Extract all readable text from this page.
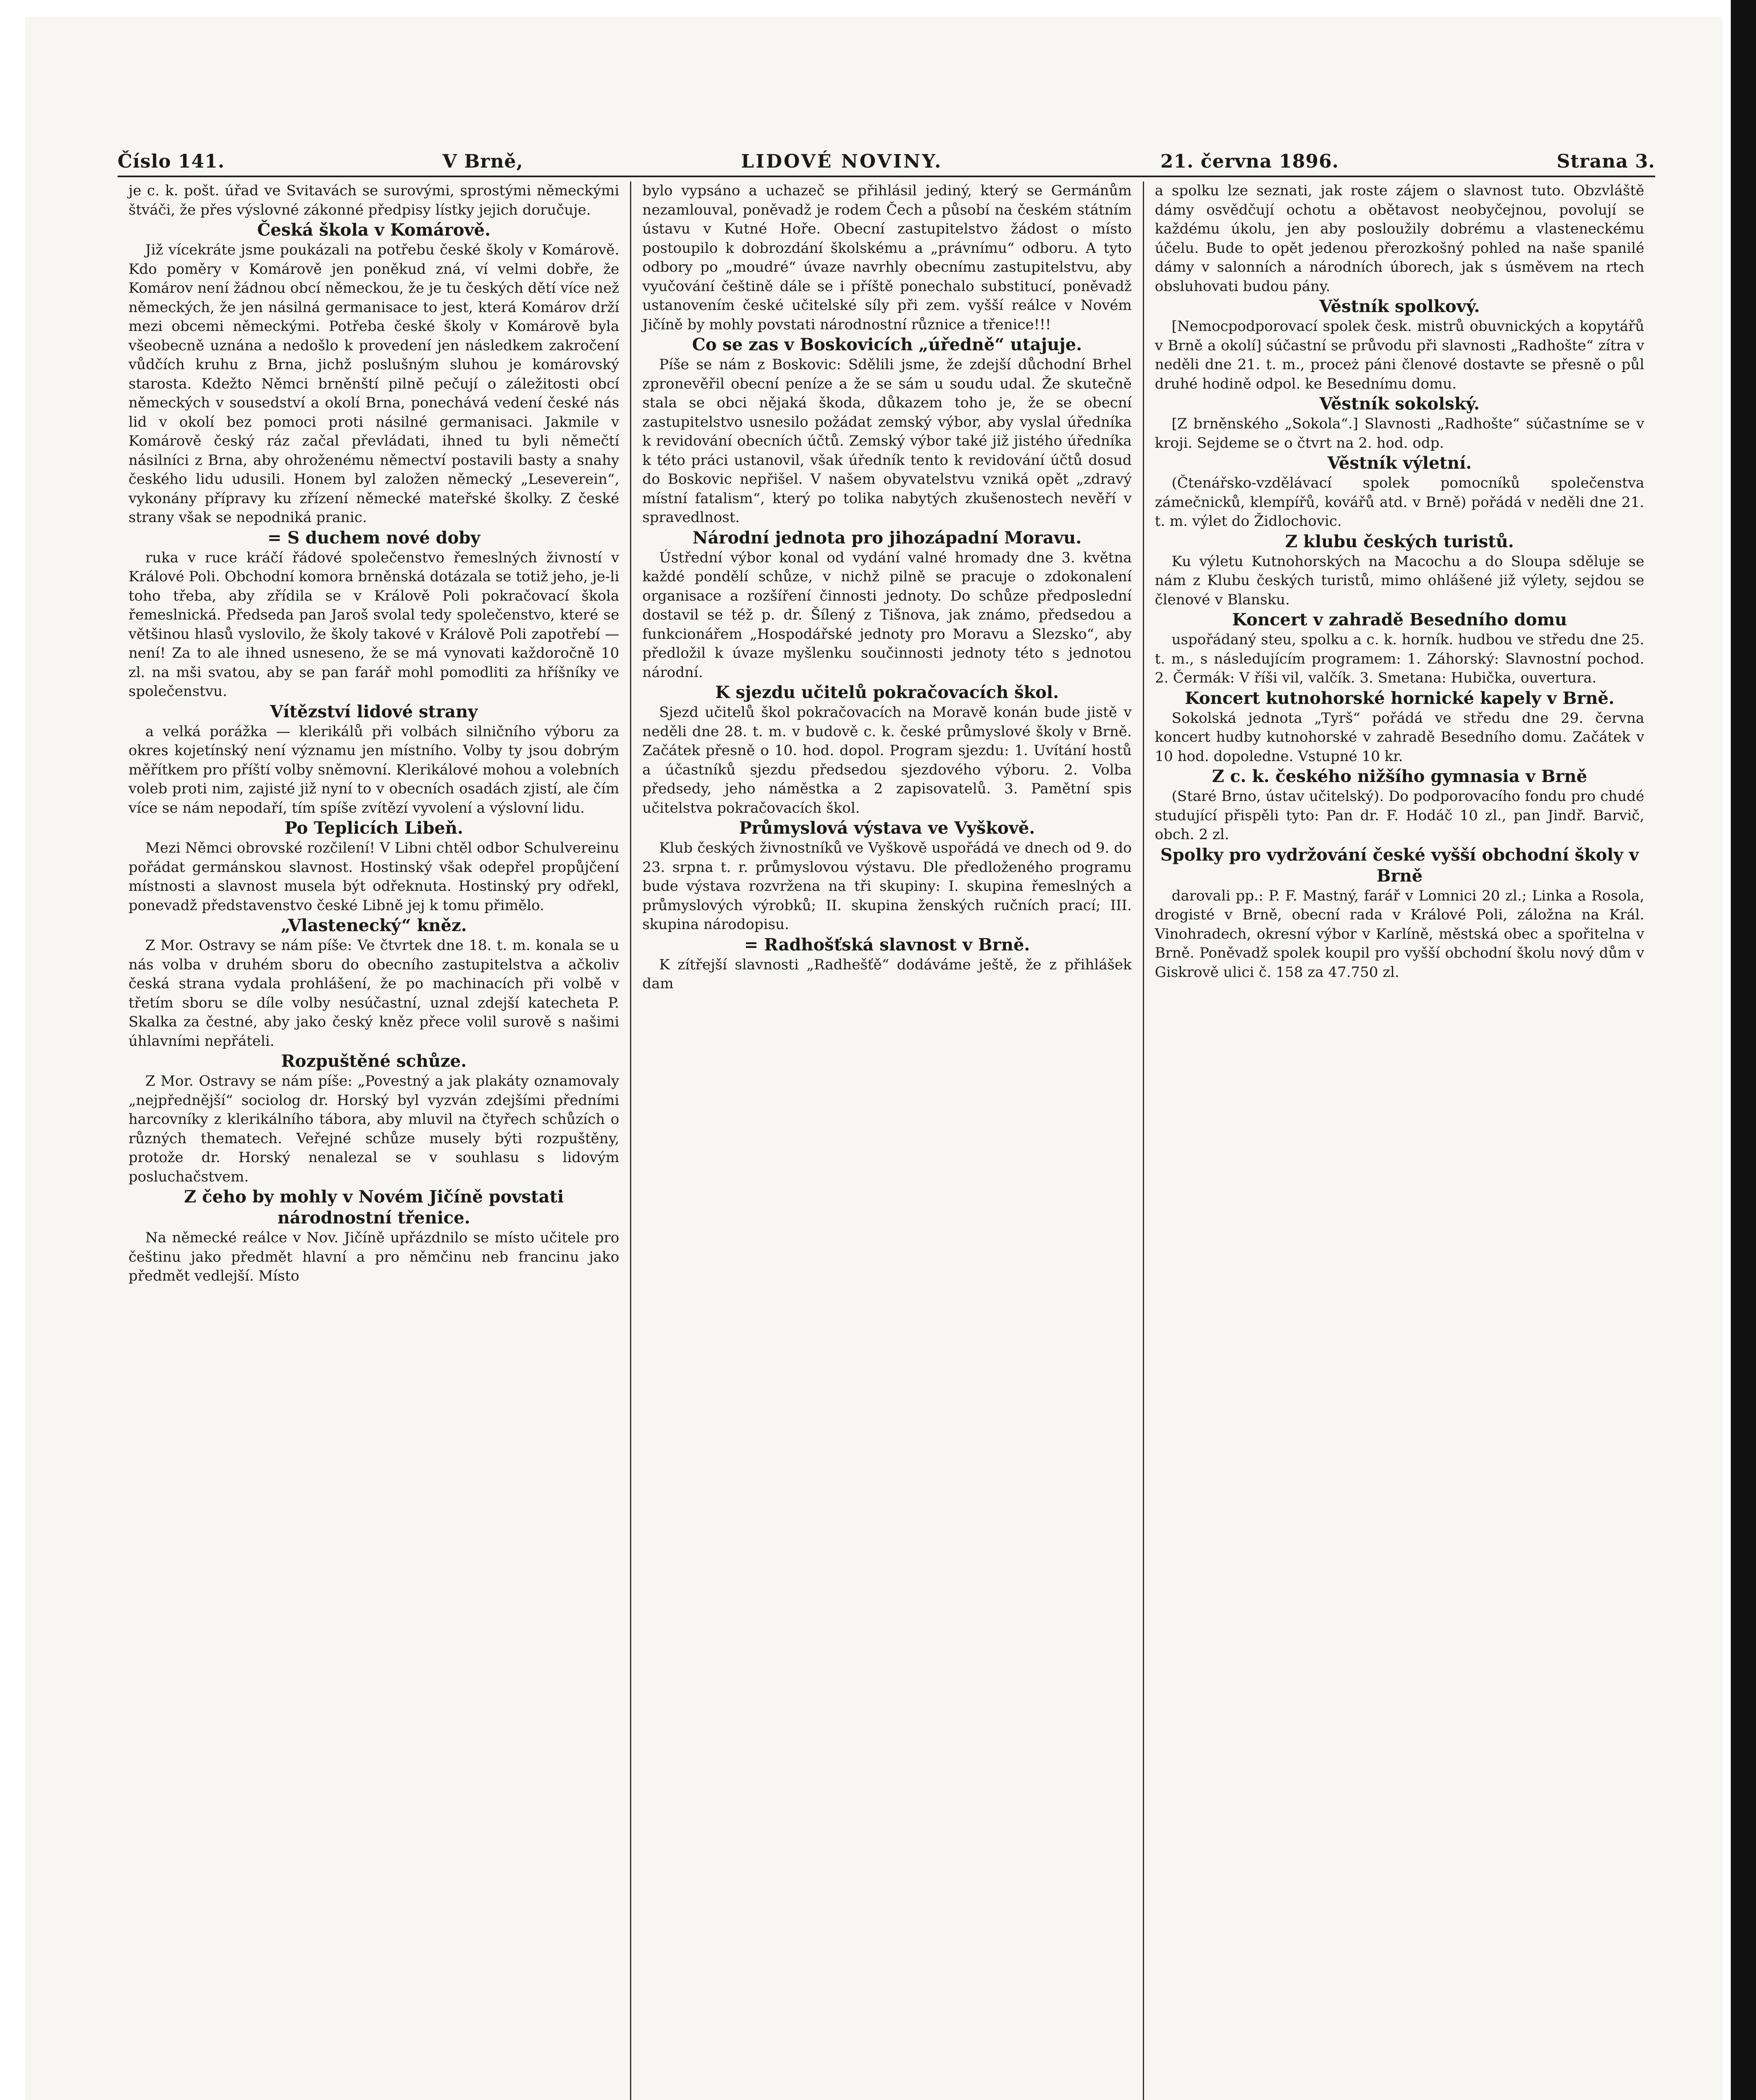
Číslo 141.	V Brně,	LIDOVÉ NOVINY.	21. června 1896.	Strana 3.

je c. k. pošt. úřad ve Svitavách se surovými, sprostými německými štváči, že přes výslovné zákonné předpisy lístky jejich doručuje.

Česká škola v Komárově.

Již vícekráte jsme poukázali na potřebu české školy v Komárově. Kdo poměry v Komárově jen poněkud zná, ví velmi dobře, že Komárov není žádnou obcí německou, že je tu českých dětí více než německých, že jen násilná germanisace to jest, která Komárov drží mezi obcemi německými. Potřeba české školy v Komárově byla všeobecně uznána a nedošlo k provedení jen následkem zakročení vůdčích kruhu z Brna, jichž poslušným sluhou je komárovský starosta. Kdežto Němci brněnští pilně pečují o záležitosti obcí německých v sousedství a okolí Brna, ponechává vedení české nás lid v okolí bez pomoci proti násilné germanisaci. Jakmile v Komárově český ráz začal převládati, ihned tu byli němečtí násilníci z Brna, aby ohroženému němectví postavili basty a snahy českého lidu udusili. Honem byl založen německý „Leseverein“, vykonány přípravy ku zřízení německé mateřské školky. Z české strany však se nepodniká pranic.

= S duchem nové doby

ruka v ruce kráčí řádové společenstvo řemeslných živností v Králové Poli. Obchodní komora brněnská dotázala se totiž jeho, je-li toho třeba, aby zřídila se v Králově Poli pokračovací škola řemeslnická. Předseda pan Jaroš svolal tedy společenstvo, které se většinou hlasů vyslovilo, že školy takové v Králově Poli zapotřebí — není! Za to ale ihned usneseno, že se má vynovati každoročně 10 zl. na mši svatou, aby se pan farář mohl pomodliti za hříšníky ve společenstvu.

Vítězství lidové strany

a velká porážka — klerikálů při volbách silničního výboru za okres kojetínský není významu jen místního. Volby ty jsou dobrým měřítkem pro příští volby sněmovní. Klerikálové mohou a volebních voleb proti nim, zajisté již nyní to v obecních osadách zjistí, ale čím více se nám nepodaří, tím spíše zvítězí vyvolení a výslovní lidu.

Po Teplicích Libeň.

Mezi Němci obrovské rozčilení! V Libni chtěl odbor Schulvereinu pořádat germánskou slavnost. Hostinský však odepřel propůjčení místnosti a slavnost musela být odřeknuta. Hostinský pry odřekl, ponevadž představenstvo české Libně jej k tomu přimělo.

„Vlastenecký“ kněz.

Z Mor. Ostravy se nám píše: Ve čtvrtek dne 18. t. m. konala se u nás volba v druhém sboru do obecního zastupitelstva a ačkoliv česká strana vydala prohlášení, že po machinacích při volbě v třetím sboru se díle volby nesúčastní, uznal zdejší katecheta P. Skalka za čestné, aby jako český kněz přece volil surově s našimi úhlavními nepřáteli.

Rozpuštěné schůze.

Z Mor. Ostravy se nám píše: „Povestný a jak plakáty oznamovaly „nejpřednější“ sociolog dr. Horský byl vyzván zdejšími předními harcovníky z klerikálního tábora, aby mluvil na čtyřech schůzích o různých thematech. Veřejné schůze musely býti rozpuštěny, protože dr. Horský nenalezal se v souhlasu s lidovým posluchačstvem.

Z čeho by mohly v Novém Jičíně povstati národnostní třenice.

Na německé reálce v Nov. Jičíně upřázdnilo se místo učitele pro češtinu jako předmět hlavní a pro němčinu neb francinu jako předmět vedlejší. Místo

bylo vypsáno a uchazeč se přihlásil jediný, který se Germánům nezamlouval, poněvadž je rodem Čech a působí na českém státním ústavu v Kutné Hoře. Obecní zastupitelstvo žádost o místo postoupilo k dobrozdání školskému a „právnímu“ odboru. A tyto odbory po „moudré“ úvaze navrhly obecnímu zastupitelstvu, aby vyučování češtině dále se i příště ponechalo substitucí, poněvadž ustanovením české učitelské síly při zem. vyšší reálce v Novém Jičíně by mohly povstati národnostní různice a třenice!!!

Co se zas v Boskovicích „úředně“ utajuje.

Píše se nám z Boskovic: Sdělili jsme, že zdejší důchodní Brhel zpronevěřil obecní peníze a že se sám u soudu udal. Že skutečně stala se obci nějaká škoda, důkazem toho je, že se obecní zastupitelstvo usnesilo požádat zemský výbor, aby vyslal úředníka k revidování obecních účtů. Zemský výbor také již jistého úředníka k této práci ustanovil, však úředník tento k revidování účtů dosud do Boskovic nepřišel. V našem obyvatelstvu vzniká opět „zdravý místní fatalism“, který po tolika nabytých zkušenostech nevěří v spravedlnost.

Národní jednota pro jihozápadní Moravu.

Ústřední výbor konal od vydání valné hromady dne 3. května každé pondělí schůze, v nichž pilně se pracuje o zdokonalení organisace a rozšíření činnosti jednoty. Do schůze předposlední dostavil se též p. dr. Šílený z Tišnova, jak známo, předsedou a funkcionářem „Hospodářské jednoty pro Moravu a Slezsko“, aby předložil k úvaze myšlenku součinnosti jednoty této s jednotou národní.

K sjezdu učitelů pokračovacích škol.

Sjezd učitelů škol pokračovacích na Moravě konán bude jistě v neděli dne 28. t. m. v budově c. k. české průmyslové školy v Brně. Začátek přesně o 10. hod. dopol. Program sjezdu: 1. Uvítání hostů a účastníků sjezdu předsedou sjezdového výboru. 2. Volba předsedy, jeho náměstka a 2 zapisovatelů. 3. Pamětní spis učitelstva pokračovacích škol.

Průmyslová výstava ve Vyškově.

Klub českých živnostníků ve Vyškově uspořádá ve dnech od 9. do 23. srpna t. r. průmyslovou výstavu. Dle předloženého programu bude výstava rozvržena na tři skupiny: I. skupina řemeslných a průmyslových výrobků; II. skupina ženských ručních prací; III. skupina národopisu.

= Radhošťská slavnost v Brně.

K zítřejší slavnosti „Radhešťě“ dodáváme ještě, že z přihlášek dam

a spolku lze seznati, jak roste zájem o slavnost tuto. Obzvláště dámy osvědčují ochotu a obětavost neobyčejnou, povolují se každému úkolu, jen aby posloužily dobrému a vlasteneckému účelu. Bude to opět jedenou přerozkošný pohled na naše spanilé dámy v salonních a národních úborech, jak s úsměvem na rtech obsluhovati budou pány.

Věstník spolkový.

[Nemocpodporovací spolek česk. mistrů obuvnických a kopytářů v Brně a okolí] súčastní se průvodu při slavnosti „Radhošte“ zítra v neděli dne 21. t. m., proceż páni členové dostavte se přesně o půl druhé hodině odpol. ke Besednímu domu.

Věstník sokolský.

[Z brněnského „Sokola“.] Slavnosti „Radhošte“ súčastníme se v kroji. Sejdeme se o čtvrt na 2. hod. odp.

Věstník výletní.

(Čtenářsko-vzdělávací spolek pomocníků společenstva zámečnicků, klempířů, kovářů atd. v Brně) pořádá v neděli dne 21. t. m. výlet do Židlochovic.

Z klubu českých turistů.

Ku výletu Kutnohorských na Macochu a do Sloupa sděluje se nám z Klubu českých turistů, mimo ohlášené již výlety, sejdou se členové v Blansku.

Koncert v zahradě Besedního domu

uspořádaný steu, spolku a c. k. horník. hudbou ve středu dne 25. t. m., s následujícím programem: 1. Záhorský: Slavnostní pochod. 2. Čermák: V říši vil, valčík. 3. Smetana: Hubička, ouvertura.

Koncert kutnohorské hornické kapely v Brně.

Sokolská jednota „Tyrš“ pořádá ve středu dne 29. června koncert hudby kutnohorské v zahradě Besedního domu. Začátek v 10 hod. dopoledne. Vstupné 10 kr.

Z c. k. českého nižšího gymnasia v Brně

(Staré Brno, ústav učitelský). Do podporovacího fondu pro chudé studující přispěli tyto: Pan dr. F. Hodáč 10 zl., pan Jindř. Barvič, obch. 2 zl.

Spolky pro vydržování české vyšší obchodní školy v Brně

darovali pp.: P. F. Mastný, farář v Lomnici 20 zl.; Linka a Rosola, drogisté v Brně, obecní rada v Králové Poli, záložna na Král. Vinohradech, okresní výbor v Karlíně, městská obec a spořitelna v Brně. Poněvadž spolek koupil pro vyšší obchodní školu nový dům v Giskrově ulici č. 158 za 47.750 zl.
